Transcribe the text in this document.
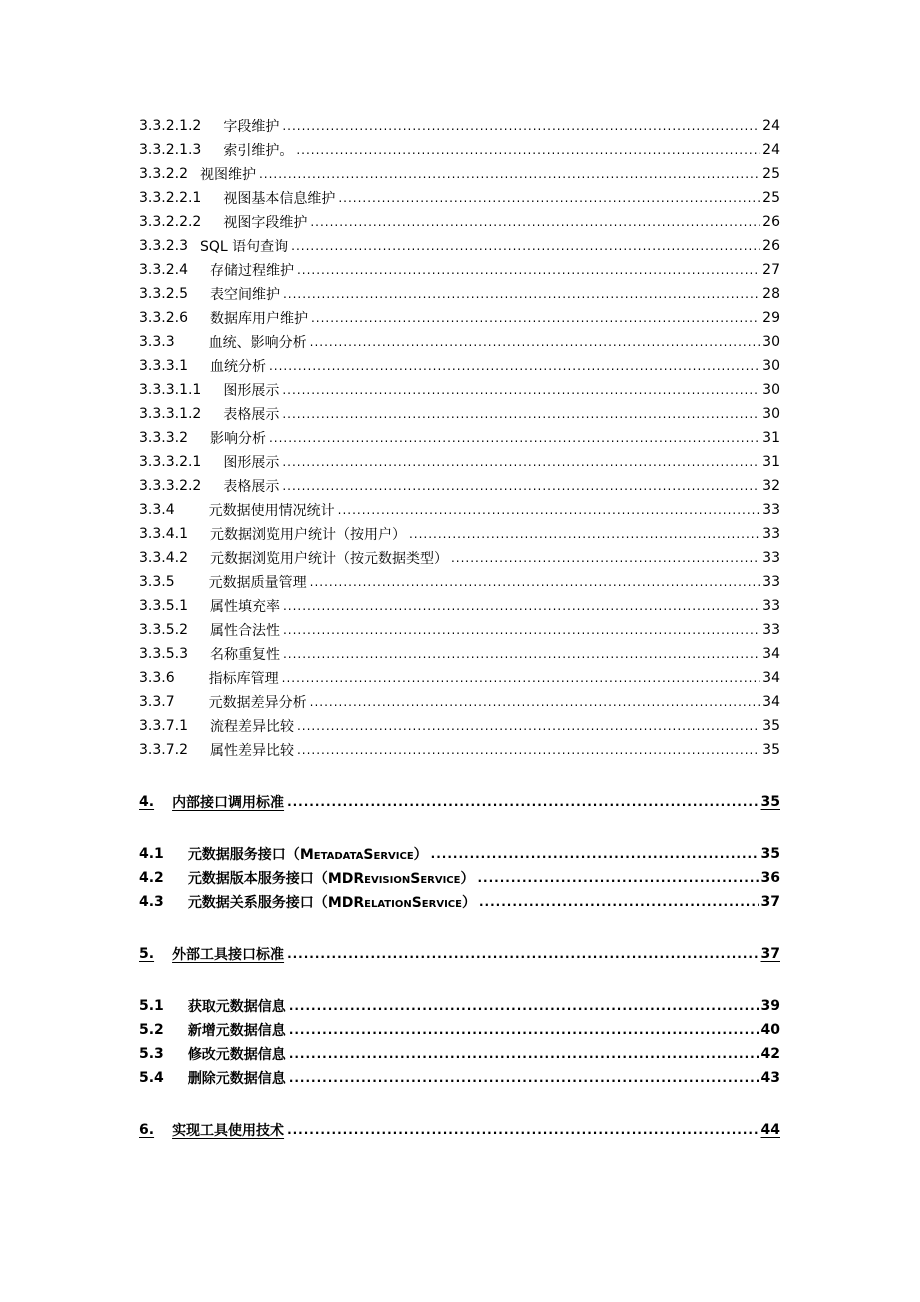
3.3.2.1.2 字段维护 .....	24
3.3.2.1.3 索引维护。 .....	24
3.3.2.2 视图维护 .....	25
3.3.2.2.1 视图基本信息维护 .....	25
3.3.2.2.2 视图字段维护 .....	26
3.3.2.3 SQL 语句查询 .....	26
3.3.2.4 存储过程维护 .....	27
3.3.2.5 表空间维护 .....	28
3.3.2.6 数据库用户维护 .....	29
3.3.3 血统、影响分析 .....	30
3.3.3.1 血统分析 .....	30
3.3.3.1.1 图形展示 .....	30
3.3.3.1.2 表格展示 .....	30
3.3.3.2 影响分析 .....	31
3.3.3.2.1 图形展示 .....	31
3.3.3.2.2 表格展示 .....	32
3.3.4 元数据使用情况统计 .....	33
3.3.4.1 元数据浏览用户统计（按用户） .....	33
3.3.4.2 元数据浏览用户统计（按元数据类型） .....	33
3.3.5 元数据质量管理 .....	33
3.3.5.1 属性填充率 .....	33
3.3.5.2 属性合法性 .....	33
3.3.5.3 名称重复性 .....	34
3.3.6 指标库管理 .....	34
3.3.7 元数据差异分析 .....	34
3.3.7.1 流程差异比较 .....	35
3.3.7.2 属性差异比较 .....	35
4. 内部接口调用标准 .....	35
4.1 元数据服务接口（MetadataService） .....	35
4.2 元数据版本服务接口（MDRevisionService） .....	36
4.3 元数据关系服务接口（MDRelationService） .....	37
5. 外部工具接口标准 .....	37
5.1 获取元数据信息 .....	39
5.2 新增元数据信息 .....	40
5.3 修改元数据信息 .....	42
5.4 删除元数据信息 .....	43
6. 实现工具使用技术 .....	44
